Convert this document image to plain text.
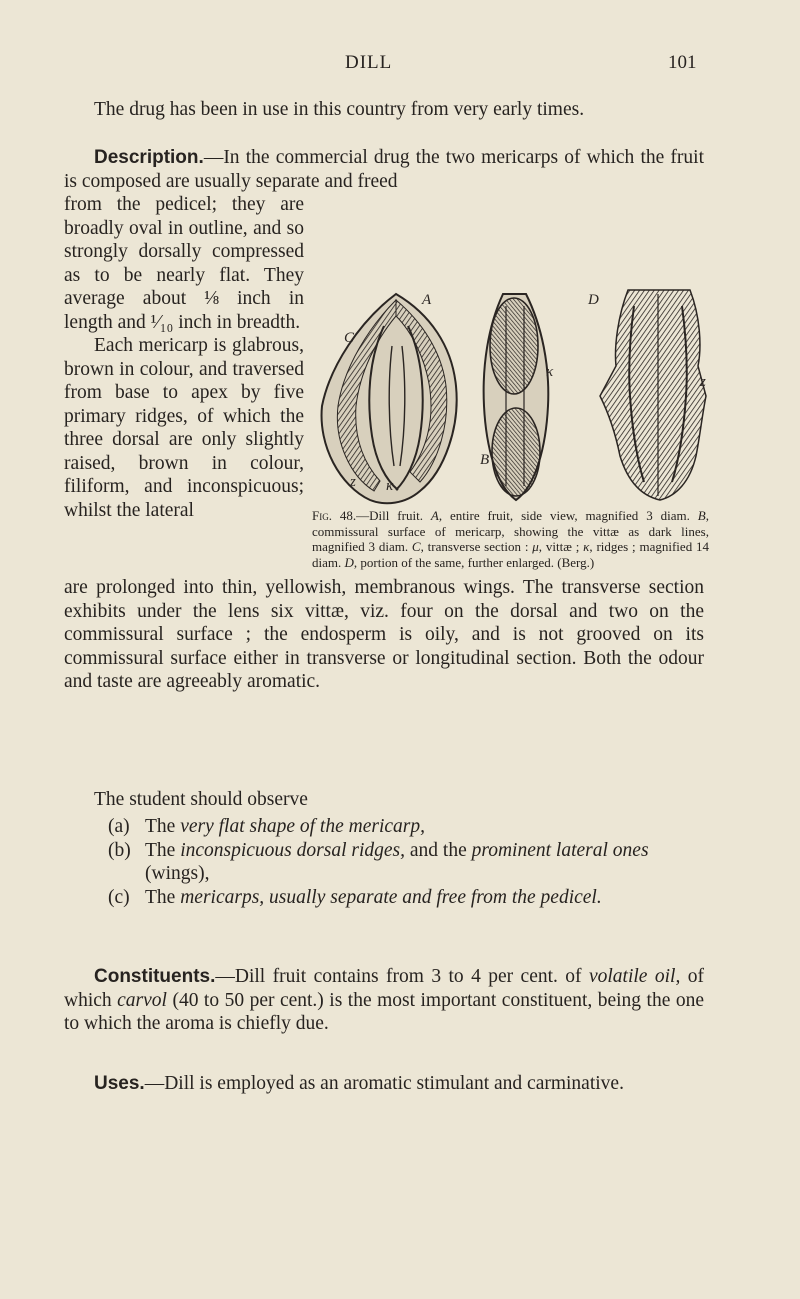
DILL	101
The drug has been in use in this country from very early times.
Description.—In the commercial drug the two mericarps of which the fruit is composed are usually separate and freed

from the pedicel; they are broadly oval in outline, and so strongly dorsally compressed as to be nearly flat. They average about ⅛ inch in length and ¹⁄₁₀ inch in breadth.

Each mericarp is glabrous, brown in colour, and traversed from base to apex by five primary ridges, of which the three dorsal are only slightly raised, brown in colour, filiform, and inconspicuous; whilst the lateral

A
C
z κ
B
D
κ
z

Fig. 48.—Dill fruit. A, entire fruit, side view, magnified 3 diam. B, commissural surface of mericarp, showing the vittæ as dark lines, magnified 3 diam. C, transverse section : μ, vittæ ; κ, ridges ; magnified 14 diam. D, portion of the same, further enlarged. (Berg.)

are prolonged into thin, yellowish, membranous wings. The transverse section exhibits under the lens six vittæ, viz. four on the dorsal and two on the commissural surface ; the endosperm is oily, and is not grooved on its commissural surface either in transverse or longitudinal section. Both the odour and taste are agreeably aromatic.
The student should observe
(a) The very flat shape of the mericarp,
(b) The inconspicuous dorsal ridges, and the prominent lateral ones (wings),
(c) The mericarps, usually separate and free from the pedicel.
Constituents.—Dill fruit contains from 3 to 4 per cent. of volatile oil, of which carvol (40 to 50 per cent.) is the most important constituent, being the one to which the aroma is chiefly due.
Uses.—Dill is employed as an aromatic stimulant and carminative.
